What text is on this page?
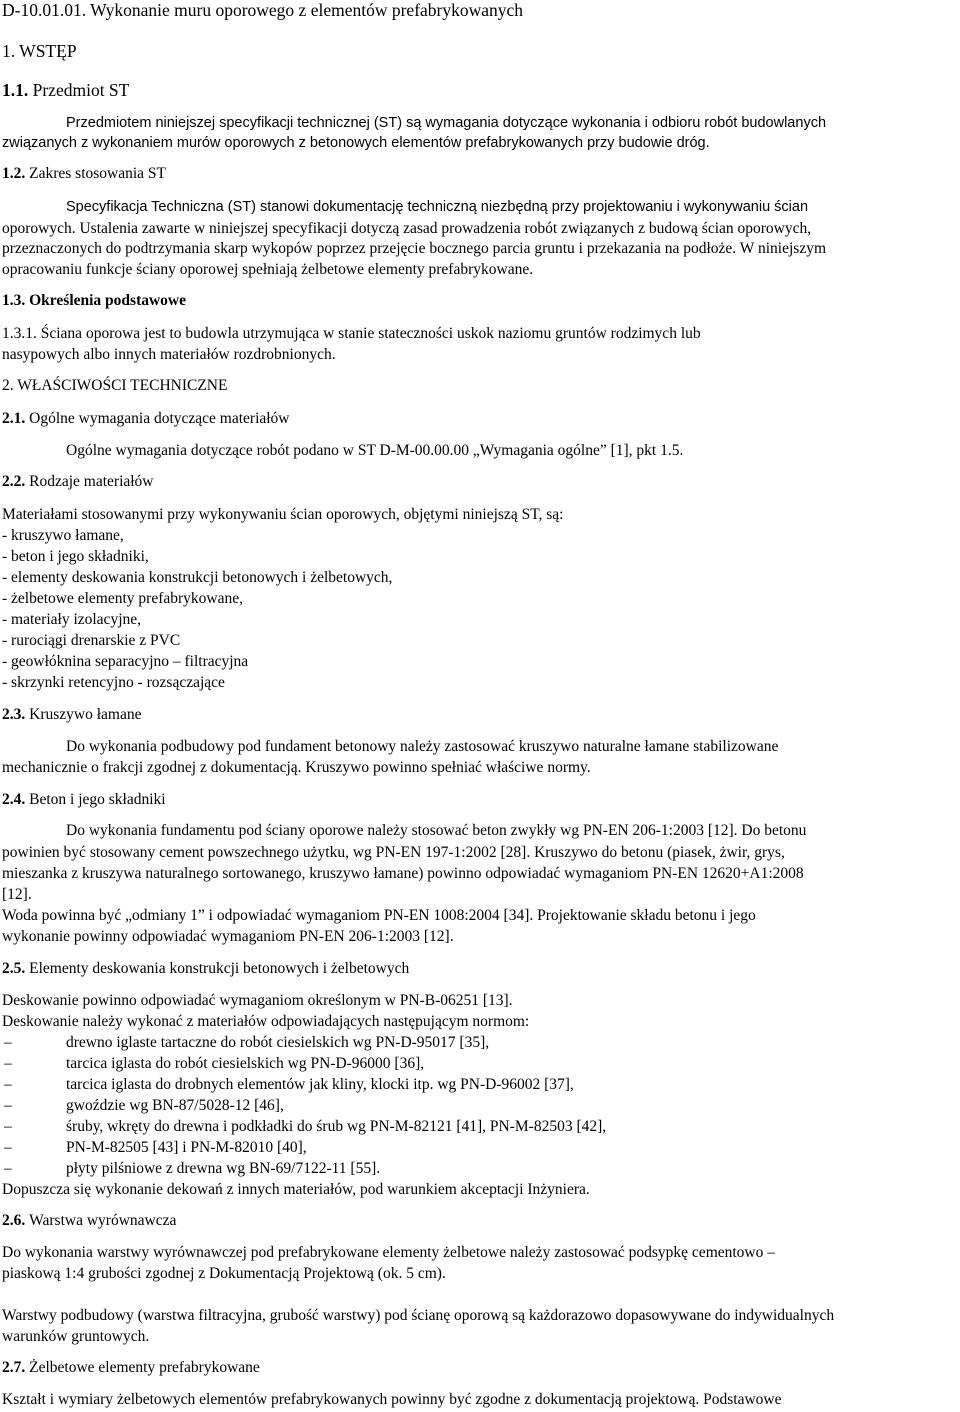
D-10.01.01. Wykonanie muru oporowego z elementów prefabrykowanych
1. WSTĘP
1.1. Przedmiot ST
Przedmiotem niniejszej specyfikacji technicznej (ST) są wymagania dotyczące wykonania i odbioru robót budowlanych
związanych z wykonaniem murów oporowych z betonowych elementów prefabrykowanych przy budowie dróg.
1.2. Zakres stosowania ST
Specyfikacja Techniczna (ST) stanowi dokumentację techniczną niezbędną przy projektowaniu i wykonywaniu ścian
oporowych. Ustalenia zawarte w niniejszej specyfikacji dotyczą zasad prowadzenia robót związanych z budową ścian oporowych,
przeznaczonych do podtrzymania skarp wykopów poprzez przejęcie bocznego parcia gruntu i przekazania na podłoże. W niniejszym
opracowaniu funkcje ściany oporowej spełniają żelbetowe elementy prefabrykowane.
1.3. Określenia podstawowe
1.3.1. Ściana oporowa jest to budowla utrzymująca w stanie stateczności uskok naziomu gruntów rodzimych lub
nasypowych albo innych materiałów rozdrobnionych.
2. WŁAŚCIWOŚCI TECHNICZNE
2.1. Ogólne wymagania dotyczące materiałów
Ogólne wymagania dotyczące robót podano w ST D-M-00.00.00 „Wymagania ogólne” [1], pkt 1.5.
2.2. Rodzaje materiałów
Materiałami stosowanymi przy wykonywaniu ścian oporowych, objętymi niniejszą ST, są:
- kruszywo łamane,
- beton i jego składniki,
- elementy deskowania konstrukcji betonowych i żelbetowych,
- żelbetowe elementy prefabrykowane,
- materiały izolacyjne,
- rurociągi drenarskie z PVC
- geowłóknina separacyjno – filtracyjna
- skrzynki retencyjno - rozsączające
2.3. Kruszywo łamane
Do wykonania podbudowy pod fundament betonowy należy zastosować kruszywo naturalne łamane stabilizowane
mechanicznie o frakcji zgodnej z dokumentacją. Kruszywo powinno spełniać właściwe normy.
2.4. Beton i jego składniki
Do wykonania fundamentu pod ściany oporowe należy stosować beton zwykły wg PN-EN 206-1:2003 [12]. Do betonu
powinien być stosowany cement powszechnego użytku, wg PN-EN 197-1:2002 [28]. Kruszywo do betonu (piasek, żwir, grys,
mieszanka z kruszywa naturalnego sortowanego, kruszywo łamane) powinno odpowiadać wymaganiom PN-EN 12620+A1:2008
[12].
Woda powinna być „odmiany 1” i odpowiadać wymaganiom PN-EN 1008:2004 [34]. Projektowanie składu betonu i jego
wykonanie powinny odpowiadać wymaganiom PN-EN 206-1:2003 [12].
2.5. Elementy deskowania konstrukcji betonowych i żelbetowych
Deskowanie powinno odpowiadać wymaganiom określonym w PN-B-06251 [13].
Deskowanie należy wykonać z materiałów odpowiadających następującym normom:
–	drewno iglaste tartaczne do robót ciesielskich wg PN-D-95017 [35],
–	tarcica iglasta do robót ciesielskich wg PN-D-96000 [36],
–	tarcica iglasta do drobnych elementów jak kliny, klocki itp. wg PN-D-96002 [37],
–	gwoździe wg BN-87/5028-12 [46],
–	śruby, wkręty do drewna i podkładki do śrub wg PN-M-82121 [41], PN-M-82503 [42],
–	PN-M-82505 [43] i PN-M-82010 [40],
–	płyty pilśniowe z drewna wg BN-69/7122-11 [55].
Dopuszcza się wykonanie dekowań z innych materiałów, pod warunkiem akceptacji Inżyniera.
2.6. Warstwa wyrównawcza
Do wykonania warstwy wyrównawczej pod prefabrykowane elementy żelbetowe należy zastosować podsypkę cementowo –
piaskową 1:4 grubości zgodnej z Dokumentacją Projektową (ok. 5 cm).
Warstwy podbudowy (warstwa filtracyjna, grubość warstwy) pod ścianę oporową są każdorazowo dopasowywane do indywidualnych
warunków gruntowych.
2.7. Żelbetowe elementy prefabrykowane
Kształt i wymiary żelbetowych elementów prefabrykowanych powinny być zgodne z dokumentacją projektową. Podstawowe
